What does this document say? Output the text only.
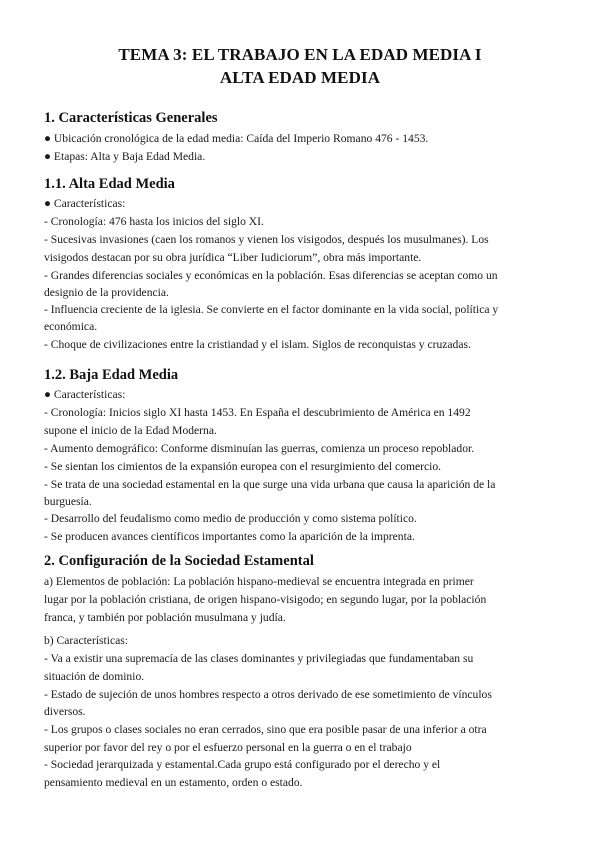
TEMA 3: EL TRABAJO EN LA EDAD MEDIA I
ALTA EDAD MEDIA
1. Características Generales
● Ubicación cronológica de la edad media: Caída del Imperio Romano 476 - 1453.
● Etapas: Alta y Baja Edad Media.
1.1. Alta Edad Media
● Características:
- Cronología: 476 hasta los inicios del siglo XI.
- Sucesivas invasiones (caen los romanos y vienen los visigodos, después los musulmanes). Los
visigodos destacan por su obra jurídica “Liber Iudiciorum”, obra más importante.
- Grandes diferencias sociales y económicas en la población. Esas diferencias se aceptan como un
designio de la providencia.
- Influencia creciente de la iglesia. Se convierte en el factor dominante en la vida social, política y
económica.
- Choque de civilizaciones entre la cristiandad y el islam. Siglos de reconquistas y cruzadas.
1.2. Baja Edad Media
● Características:
- Cronología: Inicios siglo XI hasta 1453. En España el descubrimiento de América en 1492
supone el inicio de la Edad Moderna.
- Aumento demográfico: Conforme disminuían las guerras, comienza un proceso repoblador.
- Se sientan los cimientos de la expansión europea con el resurgimiento del comercio.
- Se trata de una sociedad estamental en la que surge una vida urbana que causa la aparición de la
burguesía.
- Desarrollo del feudalismo como medio de producción y como sistema político.
- Se producen avances científicos importantes como la aparición de la imprenta.
2. Configuración de la Sociedad Estamental
a) Elementos de población: La población hispano-medieval se encuentra integrada en primer
lugar por la población cristiana, de origen hispano-visigodo; en segundo lugar, por la población
franca, y también por población musulmana y judía.
b) Características:
- Va a existir una supremacía de las clases dominantes y privilegiadas que fundamentaban su
situación de dominio.
- Estado de sujeción de unos hombres respecto a otros derivado de ese sometimiento de vínculos
diversos.
- Los grupos o clases sociales no eran cerrados, sino que era posible pasar de una inferior a otra
superior por favor del rey o por el esfuerzo personal en la guerra o en el trabajo
- Sociedad jerarquizada y estamental.Cada grupo está configurado por el derecho y el
pensamiento medieval en un estamento, orden o estado.
